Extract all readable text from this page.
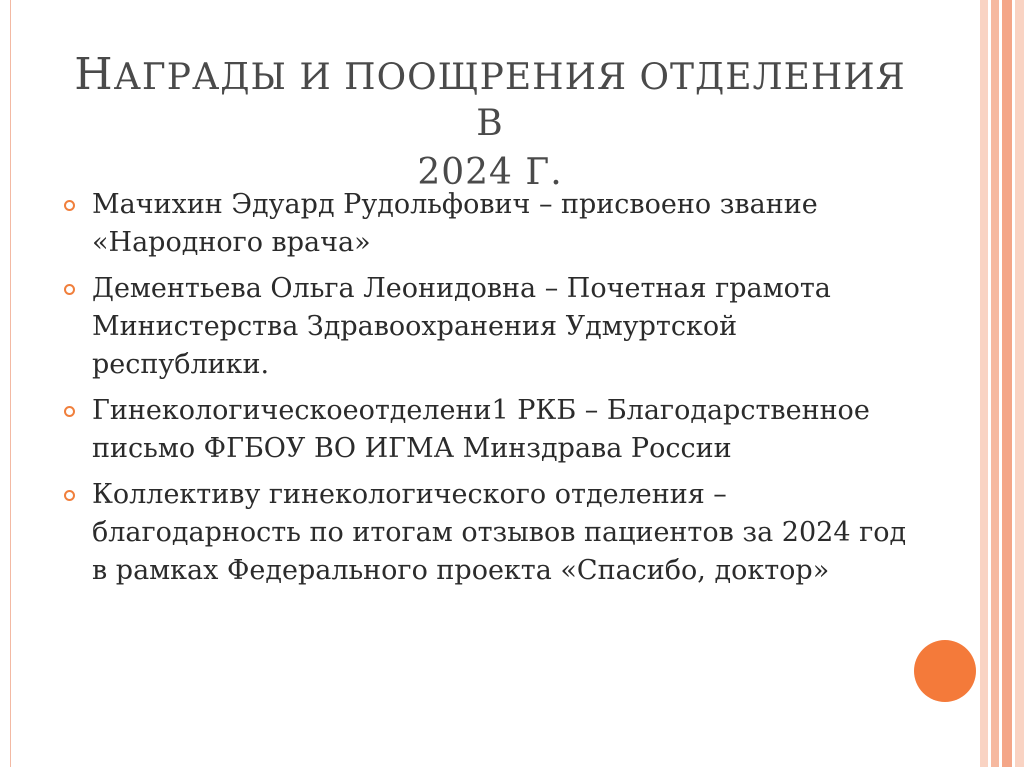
НАГРАДЫ И ПООЩРЕНИЯ ОТДЕЛЕНИЯ В
2024 Г.
Мачихин Эдуард Рудольфович – присвоено звание «Народного врача»
Дементьева Ольга Леонидовна – Почетная грамота Министерства Здравоохранения Удмуртской республики.
Гинекологическоеотделени1 РКБ – Благодарственное письмо ФГБОУ ВО ИГМА Минздрава России
Коллективу гинекологического отделения – благодарность по итогам отзывов пациентов за 2024 год в рамках Федерального проекта «Спасибо, доктор»
